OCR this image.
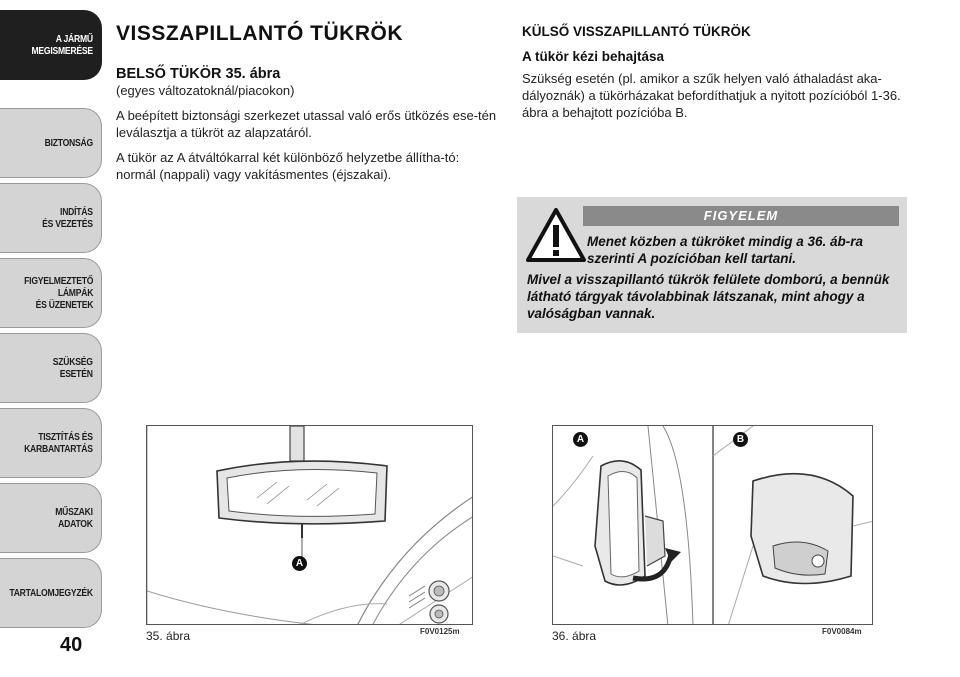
A JÁRMŰ
MEGISMERÉSE
BIZTONSÁG
INDÍTÁS
ÉS VEZETÉS
FIGYELMEZTETŐ
LÁMPÁK
ÉS ÜZENETEK
SZÜKSÉG
ESETÉN
TISZTÍTÁS ÉS
KARBANTARTÁS
MŰSZAKI
ADATOK
TARTALOMJEGYZÉK
40
VISSZAPILLANTÓ TÜKRÖK
BELSŐ TÜKÖR 35. ábra
(egyes változatoknál/piacokon)
A beépített biztonsági szerkezet utassal való erős ütközés ese-tén leválasztja a tükröt az alapzatáról.
A tükör az A átváltókarral két különböző helyzetbe állítha-tó: normál (nappali) vagy vakításmentes (éjszakai).
KÜLSŐ VISSZAPILLANTÓ TÜKRÖK
A tükör kézi behajtása
Szükség esetén (pl. amikor a szűk helyen való áthaladást aka-dályoznák) a tükörházakat befordíthatjuk a nyitott pozícióból 1-36. ábra a behajtott pozícióba B.
FIGYELEM
Menet közben a tükröket mindig a 36. áb-ra szerinti A pozícióban kell tartani.
Mivel a visszapillantó tükrök felülete domború, a bennük látható tárgyak távolabbinak látszanak, mint ahogy a valóságban vannak.
A
35. ábra	F0V0125m
A	B
36. ábra	F0V0084m
